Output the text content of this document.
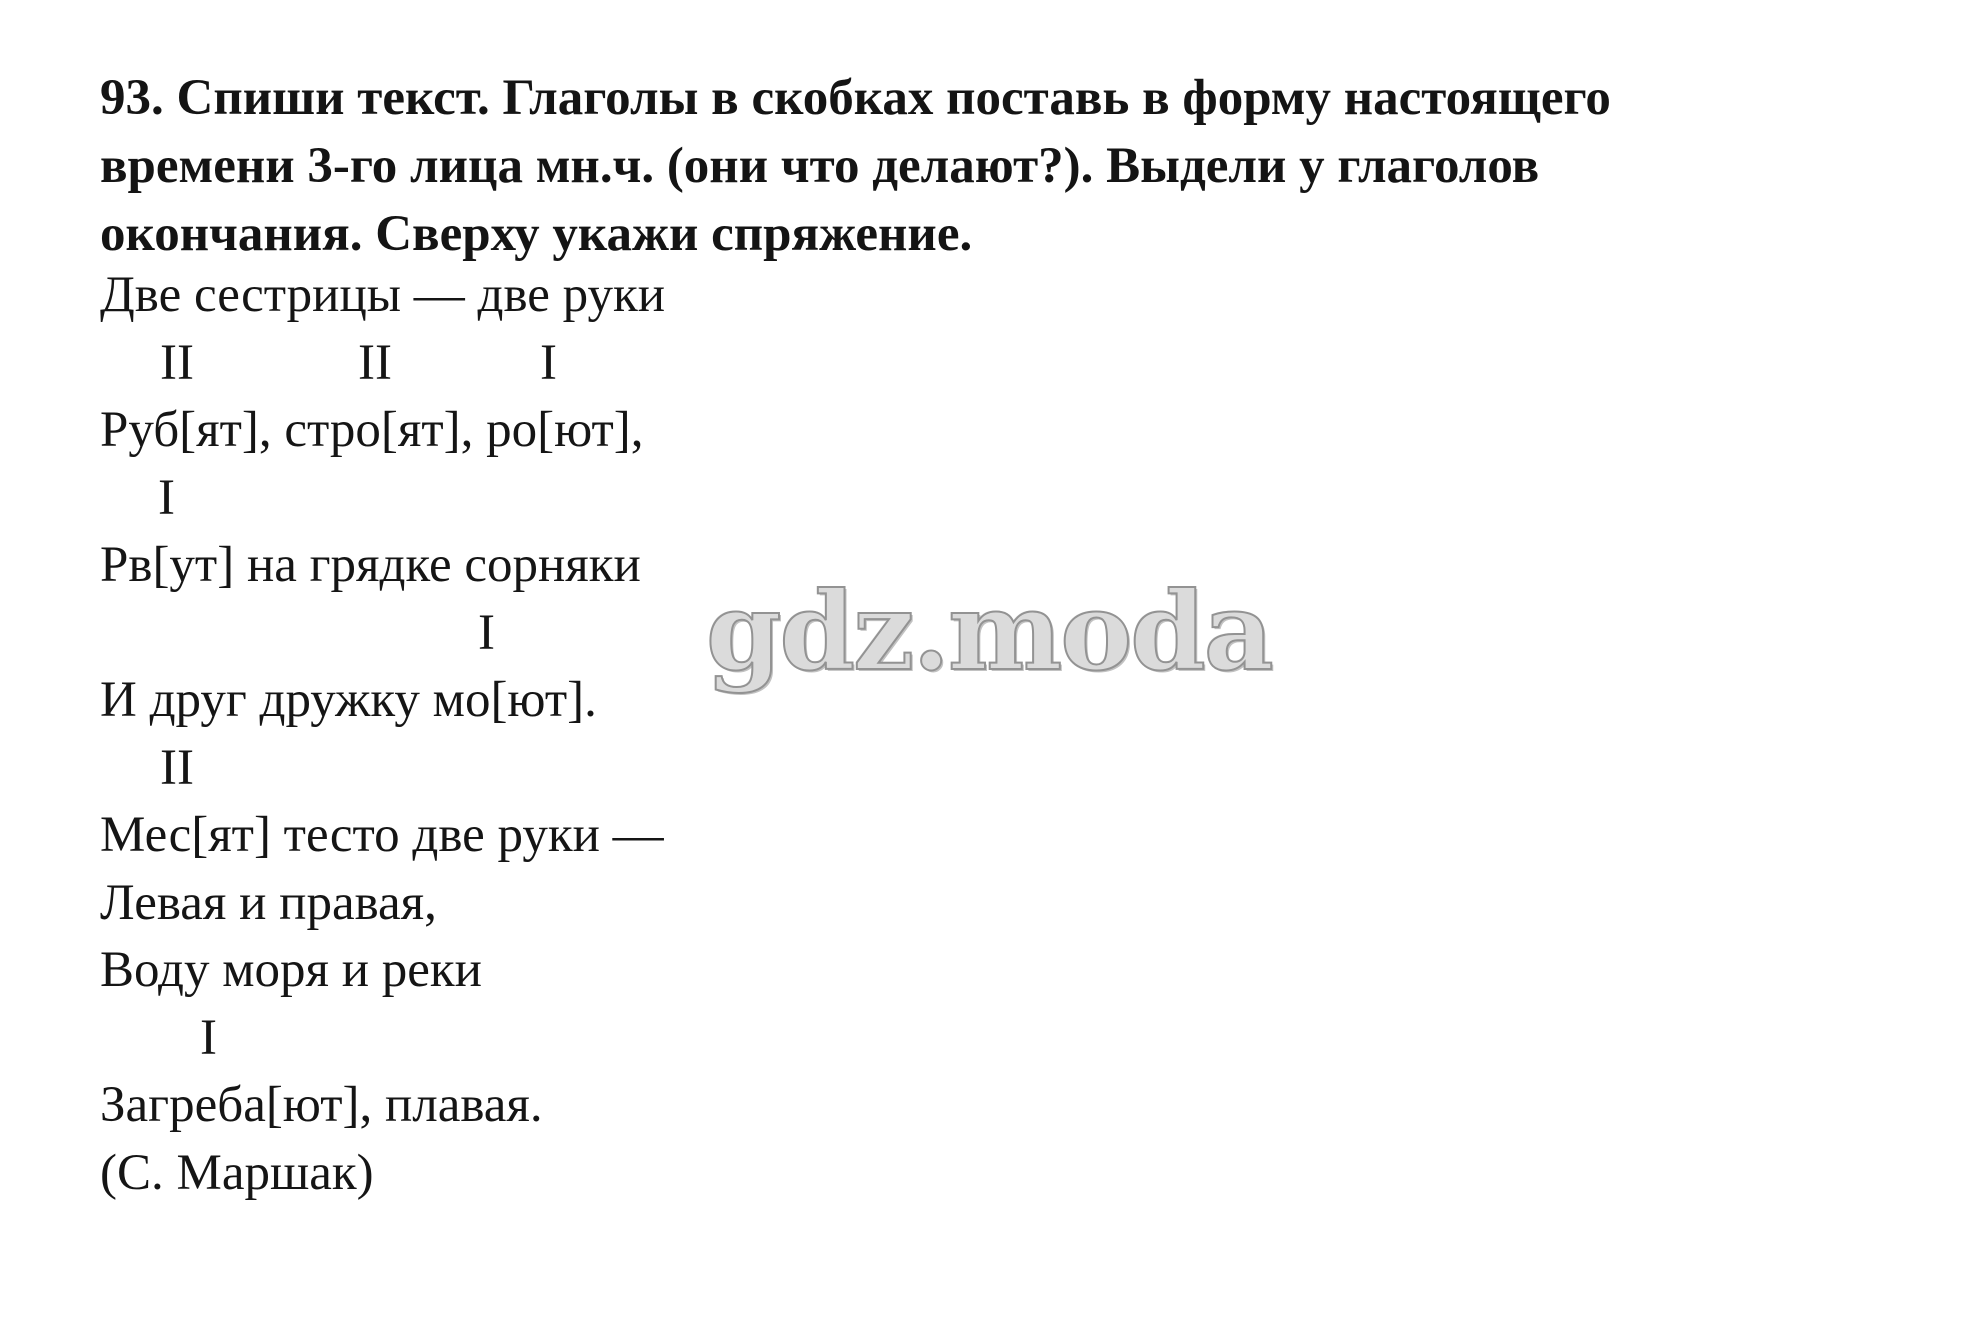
93. Спиши текст. Глаголы в скобках поставь в форму настоящего
времени 3-го лица мн.ч. (они что делают?). Выдели у глаголов
окончания. Сверху укажи спряжение.
Две сестрицы — две руки
II	II	I
Руб[ят], стро[ят], ро[ют],
I
Рв[ут] на грядке сорняки
I
И друг дружку мо[ют].
II
Мес[ят] тесто две руки —
Левая и правая,
Воду моря и реки
I
Загреба[ют], плавая.
(С. Маршак)
gdz.moda
